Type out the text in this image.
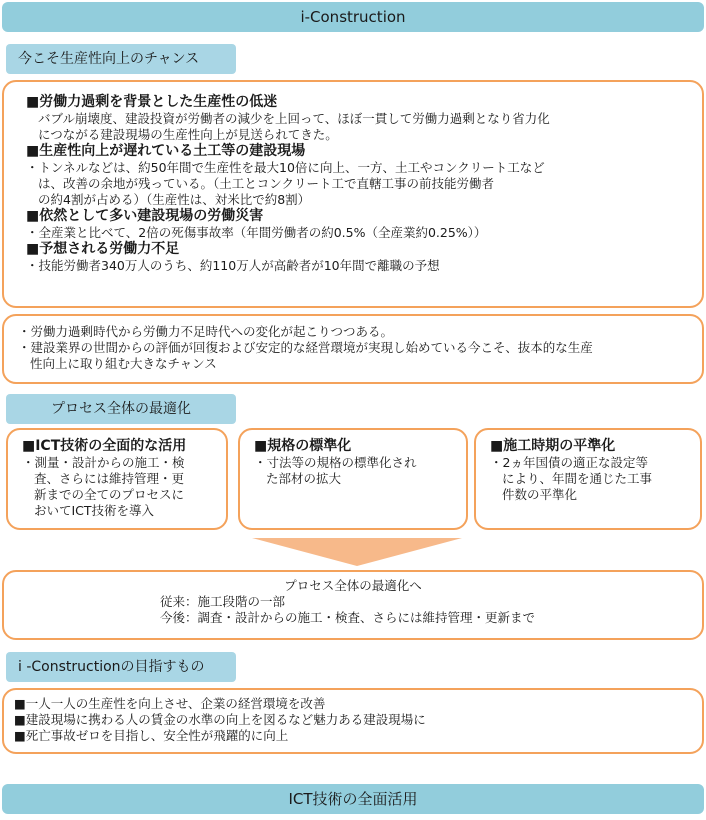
i-Construction
今こそ生産性向上のチャンス
■労働力過剰を背景とした生産性の低迷
バブル崩壊度、建設投資が労働者の減少を上回って、ほぼ一貫して労働力過剰となり省力化
につながる建設現場の生産性向上が見送られてきた。
■生産性向上が遅れている土工等の建設現場
・トンネルなどは、約50年間で生産性を最大10倍に向上、一方、土工やコンクリート工など
は、改善の余地が残っている。（土工とコンクリート工で直轄工事の前技能労働者
の約4割が占める）（生産性は、対米比で約8割）
■依然として多い建設現場の労働災害
・全産業と比べて、2倍の死傷事故率（年間労働者の約0.5%（全産業約0.25%））
■予想される労働力不足
・技能労働者340万人のうち、約110万人が高齢者が10年間で離職の予想
・労働力過剰時代から労働力不足時代への変化が起こりつつある。
・建設業界の世間からの評価が回復および安定的な経営環境が実現し始めている今こそ、抜本的な生産
性向上に取り組む大きなチャンス
プロセス全体の最適化
■ICT技術の全面的な活用
・測量・設計からの施工・検
査、さらには維持管理・更
新までの全てのプロセスに
おいてICT技術を導入
■規格の標準化
・寸法等の規格の標準化され
た部材の拡大
■施工時期の平準化
・2ヵ年国債の適正な設定等
により、年間を通じた工事
件数の平準化
プロセス全体の最適化へ
従来：施工段階の一部
今後：調査・設計からの施工・検査、さらには維持管理・更新まで
i -Constructionの目指すもの
■一人一人の生産性を向上させ、企業の経営環境を改善
■建設現場に携わる人の賃金の水準の向上を図るなど魅力ある建設現場に
■死亡事故ゼロを目指し、安全性が飛躍的に向上
ICT技術の全面活用
